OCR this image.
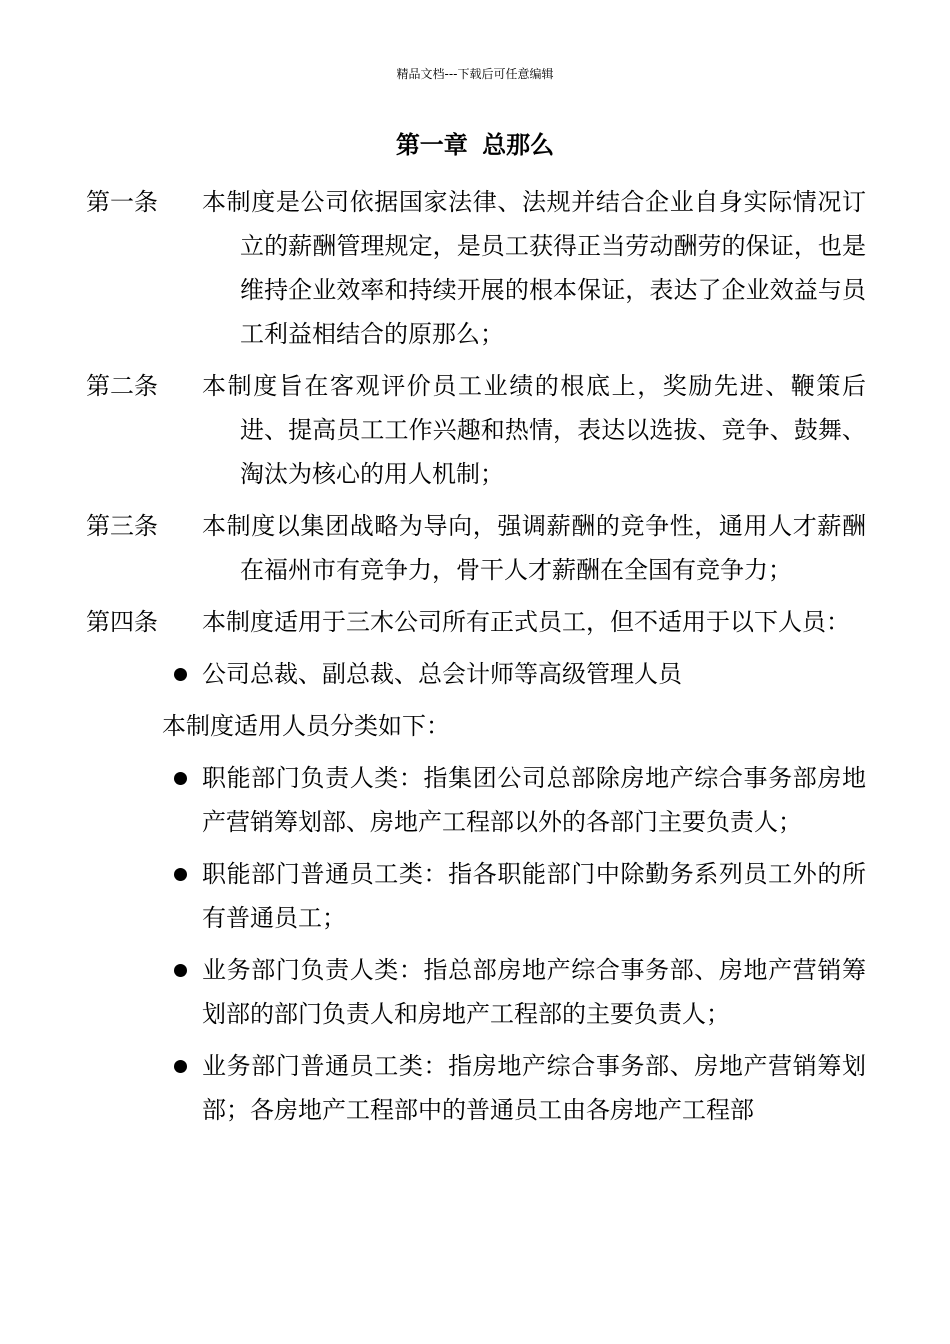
精品文档---下载后可任意编辑
第一章 总那么
第一条	本制度是公司依据国家法律、法规并结合企业自身实际情况订立的薪酬管理规定，是员工获得正当劳动酬劳的保证，也是维持企业效率和持续开展的根本保证，表达了企业效益与员工利益相结合的原那么；
第二条	本制度旨在客观评价员工业绩的根底上，奖励先进、鞭策后进、提高员工工作兴趣和热情，表达以选拔、竞争、鼓舞、淘汰为核心的用人机制；
第三条	本制度以集团战略为导向，强调薪酬的竞争性，通用人才薪酬在福州市有竞争力，骨干人才薪酬在全国有竞争力；
第四条	本制度适用于三木公司所有正式员工，但不适用于以下人员：
公司总裁、副总裁、总会计师等高级管理人员
本制度适用人员分类如下：
职能部门负责人类：指集团公司总部除房地产综合事务部房地产营销筹划部、房地产工程部以外的各部门主要负责人；
职能部门普通员工类：指各职能部门中除勤务系列员工外的所有普通员工；
业务部门负责人类：指总部房地产综合事务部、房地产营销筹划部的部门负责人和房地产工程部的主要负责人；
业务部门普通员工类：指房地产综合事务部、房地产营销筹划部；各房地产工程部中的普通员工由各房地产工程部
